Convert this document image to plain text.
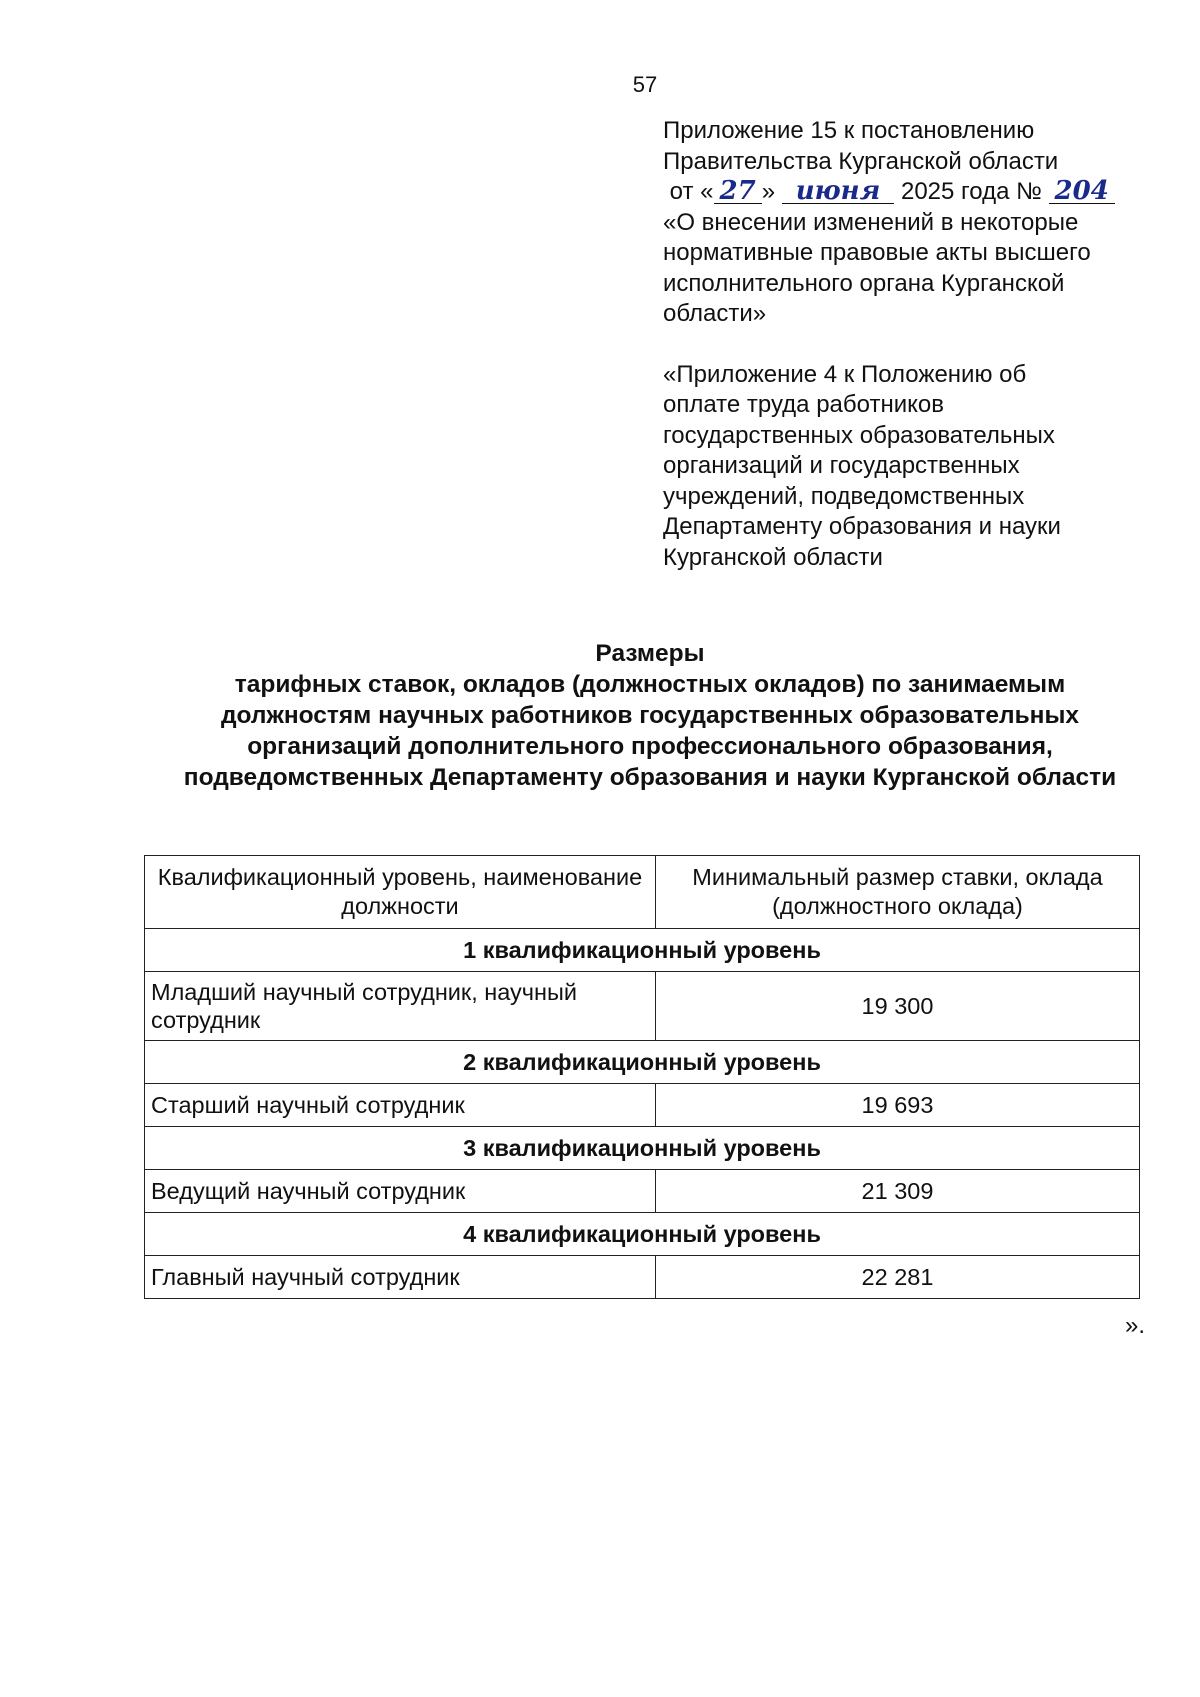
57

Приложение 15 к постановлению

Правительства Курганской области

от « 27 » июня 2025 года № 204

«О внесении изменений в некоторые

нормативные правовые акты высшего

исполнительного органа Курганской

области»

«Приложение 4 к Положению об

оплате труда работников

государственных образовательных

организаций и государственных

учреждений, подведомственных

Департаменту образования и науки

Курганской области

Размеры
тарифных ставок, окладов (должностных окладов) по занимаемым
должностям научных работников государственных образовательных
организаций дополнительного профессионального образования,
подведомственных Департаменту образования и науки Курганской области
Квалификационный уровень, наименование должности	Минимальный размер ставки, оклада (должностного оклада)
1 квалификационный уровень	
Младший научный сотрудник, научный сотрудник	19 300
2 квалификационный уровень	
Старший научный сотрудник	19 693
3 квалификационный уровень	
Ведущий научный сотрудник	21 309
4 квалификационный уровень	
Главный научный сотрудник	22 281
».
